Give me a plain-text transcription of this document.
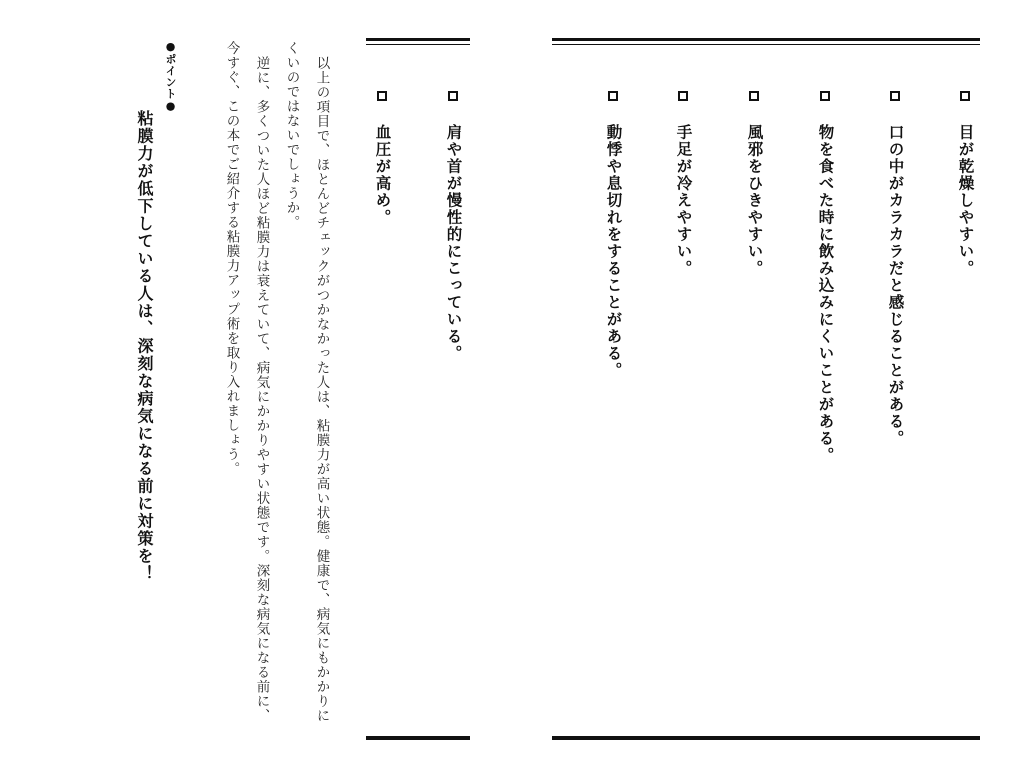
目が乾燥しやすい。
口の中がカラカラだと感じることがある。
物を食べた時に飲み込みにくいことがある。
風邪をひきやすい。
手足が冷えやすい。
動悸や息切れをすることがある。
肩や首が慢性的にこっている。
血圧が高め。
以上の項目で、ほとんどチェックがつかなかった人は、粘膜力が高い状態。健康で、病気にもかかりに
くいのではないでしょうか。
逆に、多くついた人ほど粘膜力は衰えていて、病気にかかりやすい状態です。深刻な病気になる前に、
今すぐ、この本でご紹介する粘膜力アップ術を取り入れましょう。
●ポイント●
粘膜力が低下している人は、深刻な病気になる前に対策を！
